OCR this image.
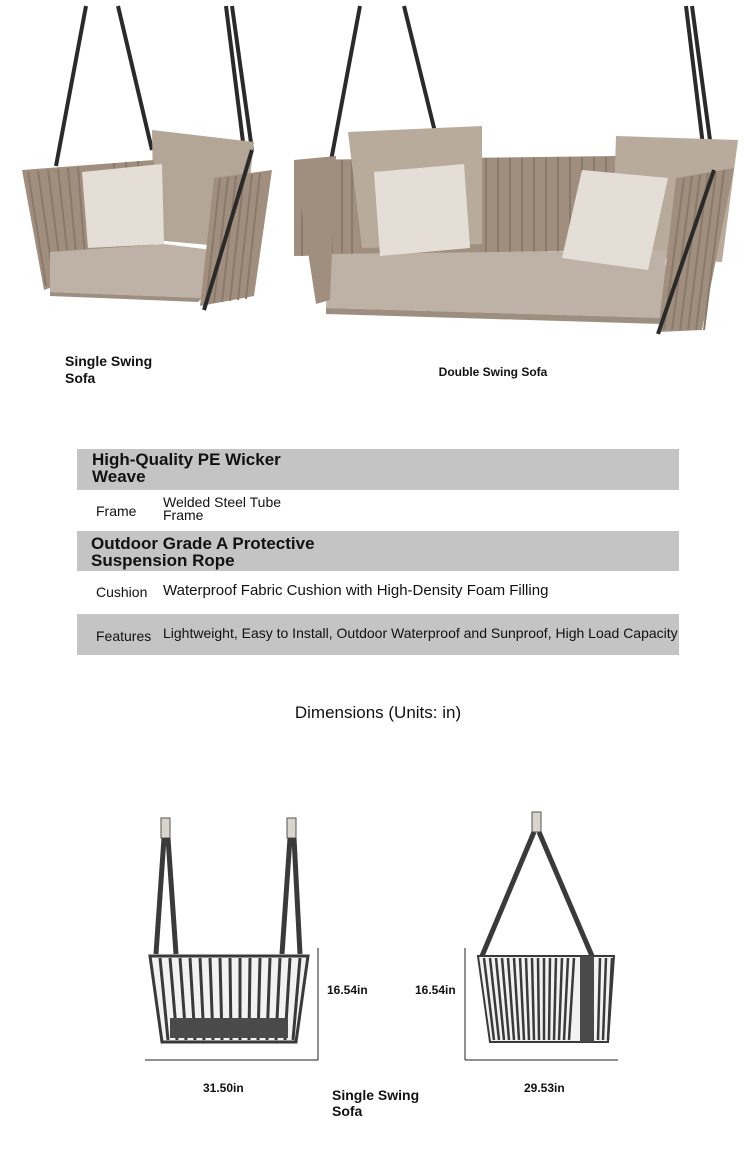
Single Swing Sofa	Double Swing Sofa
High-Quality PE Wicker Weave
Frame
Welded Steel Tube Frame
Outdoor Grade A Protective Suspension Rope
Cushion Waterproof Fabric Cushion with High-Density Foam Filling
Features Lightweight, Easy to Install, Outdoor Waterproof and Sunproof, High Load Capacity
Dimensions (Units: in)
16.54in
31.50in
16.54in
29.53in
Single Swing Sofa
